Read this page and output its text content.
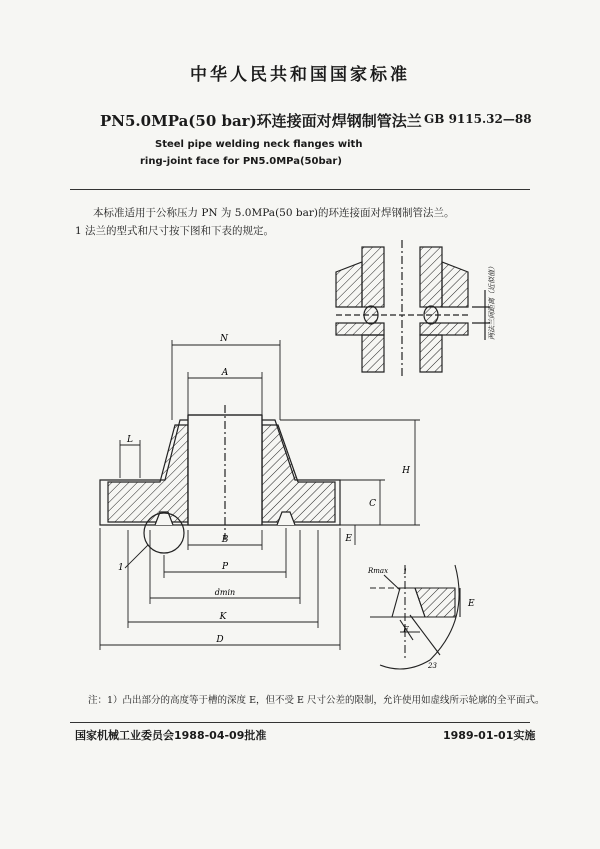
中华人民共和国国家标准
PN5.0MPa(50 bar)环连接面对焊钢制管法兰 GB 9115.32—88
Steel pipe welding neck flanges with
ring-joint face for PN5.0MPa(50bar)
本标准适用于公称压力 PN 为 5.0MPa(50 bar)的环连接面对焊钢制管法兰。
1 法兰的型式和尺寸按下图和下表的规定。
两法兰间距离（近似值）
N
A
L
H
C
E
B
P
dmin
K
D
1	Rmax 1
E
F
23
注：1）凸出部分的高度等于槽的深度 E，但不受 E 尺寸公差的限制，允许使用如虚线所示轮廓的全平面式。
国家机械工业委员会1988-04-09批准	1989-01-01实施
